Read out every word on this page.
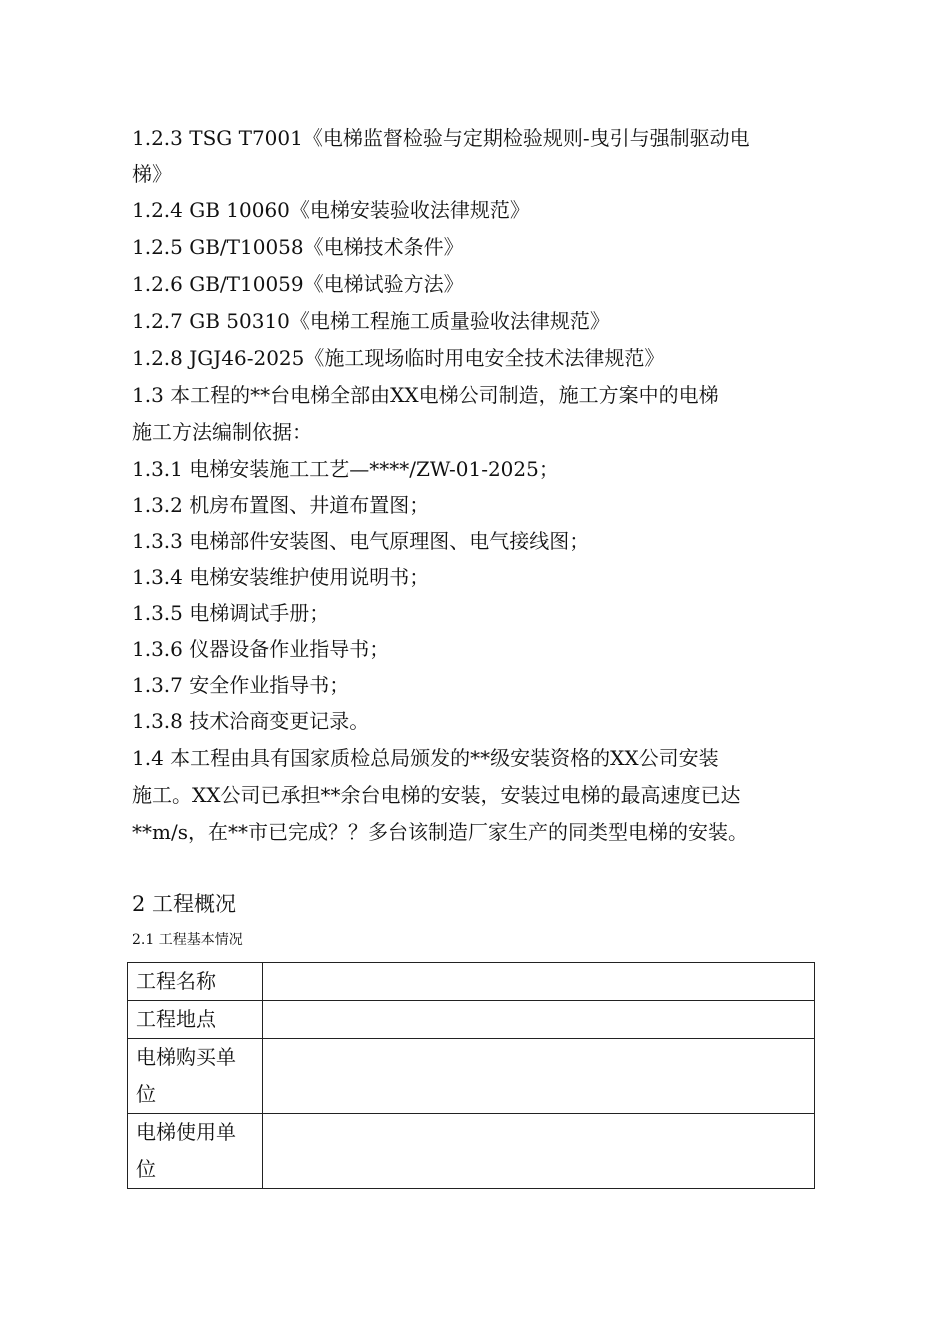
1.2.3 TSG T7001《电梯监督检验与定期检验规则-曳引与强制驱动电
梯》
1.2.4 GB 10060《电梯安装验收法律规范》
1.2.5 GB/T10058《电梯技术条件》
1.2.6 GB/T10059《电梯试验方法》
1.2.7 GB 50310《电梯工程施工质量验收法律规范》
1.2.8 JGJ46-2025《施工现场临时用电安全技术法律规范》
1.3 本工程的**台电梯全部由XX电梯公司制造，施工方案中的电梯
施工方法编制依据：
1.3.1 电梯安装施工工艺—****/ZW-01-2025；
1.3.2 机房布置图、井道布置图；
1.3.3 电梯部件安装图、电气原理图、电气接线图；
1.3.4 电梯安装维护使用说明书；
1.3.5 电梯调试手册；
1.3.6 仪器设备作业指导书；
1.3.7 安全作业指导书；
1.3.8 技术洽商变更记录。
1.4 本工程由具有国家质检总局颁发的**级安装资格的XX公司安装
施工。XX公司已承担**余台电梯的安装，安装过电梯的最高速度已达
**m/s，在**市已完成？？多台该制造厂家生产的同类型电梯的安装。
2 工程概况
2.1 工程基本情况
工程名称	
工程地点	
电梯购买单
位	
电梯使用单
位	
